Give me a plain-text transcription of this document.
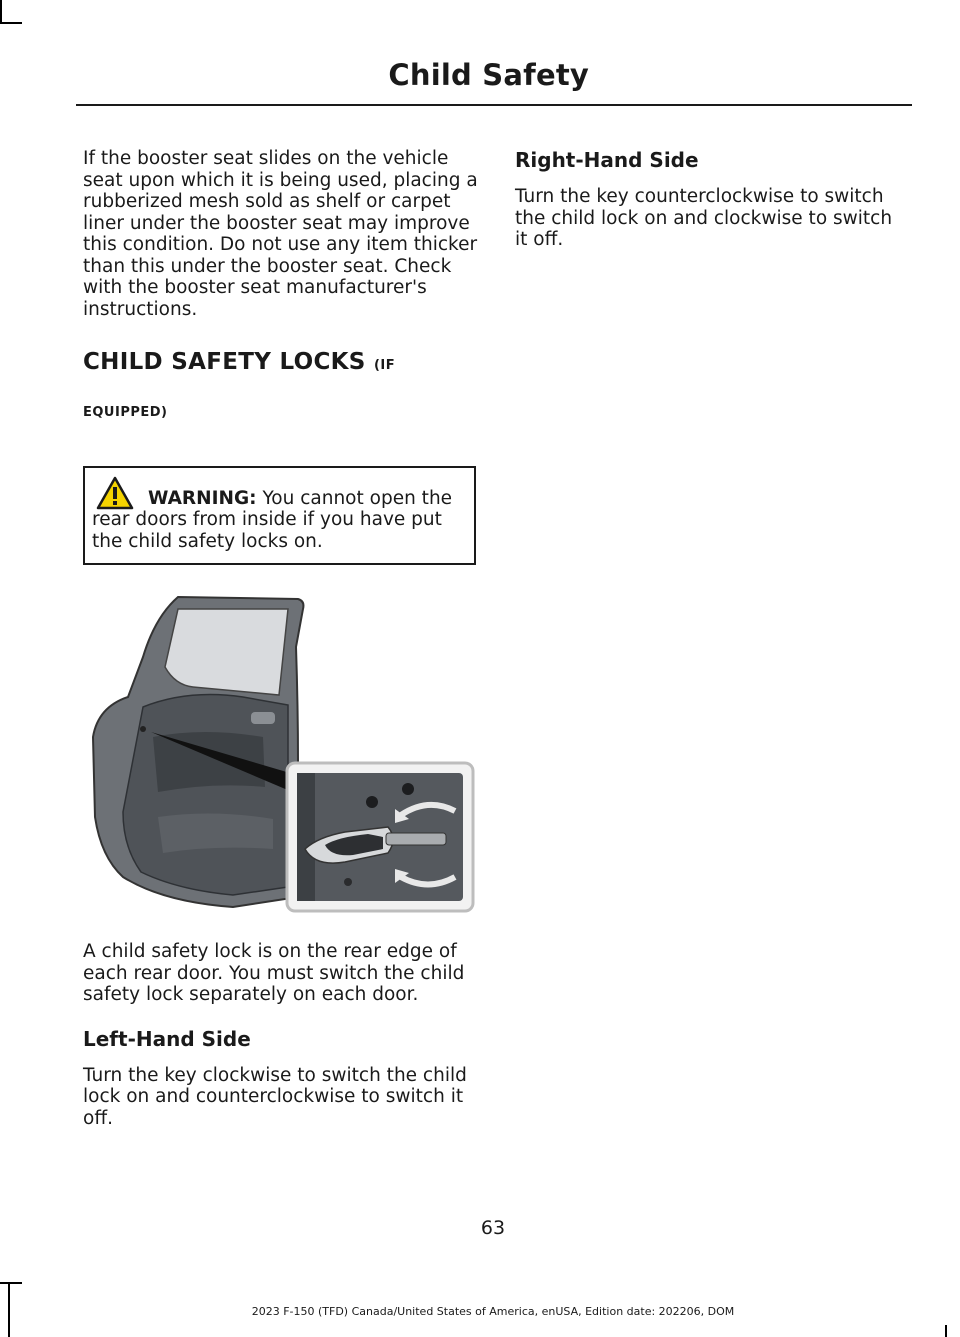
Child Safety

If the booster seat slides on the vehicle seat upon which it is being used, placing a rubberized mesh sold as shelf or carpet liner under the booster seat may improve this condition. Do not use any item thicker than this under the booster seat. Check with the booster seat manufacturer's instructions.

CHILD SAFETY LOCKS (IF
EQUIPPED)
WARNING: You cannot open the rear doors from inside if you have put the child safety locks on.

A child safety lock is on the rear edge of each rear door. You must switch the child safety lock separately on each door.

Left-Hand Side

Turn the key clockwise to switch the child lock on and counterclockwise to switch it off.

Right-Hand Side

Turn the key counterclockwise to switch the child lock on and clockwise to switch it off.

63
2023 F-150 (TFD) Canada/United States of America, enUSA, Edition date: 202206, DOM
